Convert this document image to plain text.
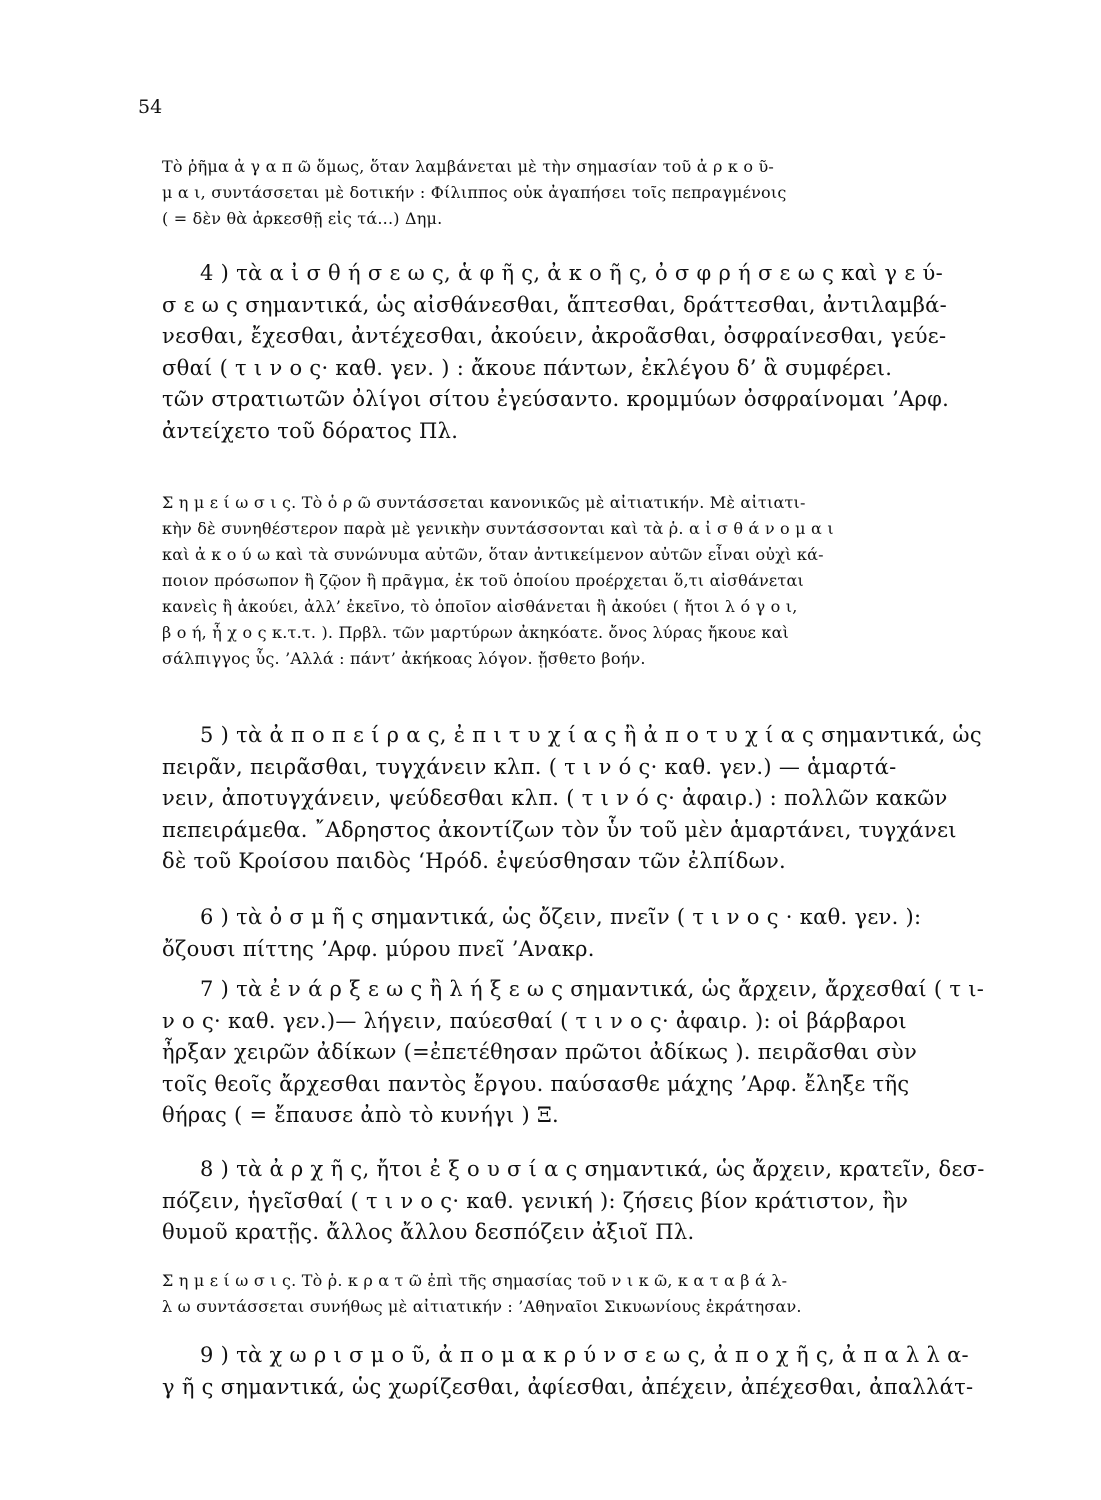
54
Τὸ ῥῆμα ἀ γ α π ῶ ὅμως, ὅταν λαμβάνεται μὲ τὴν σημασίαν τοῦ ἀ ρ κ ο ῦ-
μ α ι, συντάσσεται μὲ δοτικήν : Φίλιππος οὐκ ἀγαπήσει τοῖς πεπραγμένοις
( = δὲν θὰ ἀρκεσθῇ εἰς τά...) Δημ.
4 ) τὰ α ἰ σ θ ή σ ε ω ς, ἁ φ ῆ ς, ἀ κ ο ῆ ς, ὀ σ φ ρ ή σ ε ω ς καὶ γ ε ύ-
σ ε ω ς σημαντικά, ὡς αἰσθάνεσθαι, ἅπτεσθαι, δράττεσθαι, ἀντιλαμβά-
νεσθαι, ἔχεσθαι, ἀντέχεσθαι, ἀκούειν, ἀκροᾶσθαι, ὀσφραίνεσθαι, γεύε-
σθαί ( τ ι ν ο ς· καθ. γεν. ) : ἄκουε πάντων, ἐκλέγου δ’ ἃ συμφέρει.
τῶν στρατιωτῶν ὀλίγοι σίτου ἐγεύσαντο. κρομμύων ὀσφραίνομαι ’Αρφ.
ἀντείχετο τοῦ δόρατος Πλ.
Σ η μ ε ί ω σ ι ς. Τὸ ὁ ρ ῶ συντάσσεται κανονικῶς μὲ αἰτιατικήν. Μὲ αἰτιατι-
κὴν δὲ συνηθέστερον παρὰ μὲ γενικὴν συντάσσονται καὶ τὰ ῥ. α ἰ σ θ ά ν ο μ α ι
καὶ ἀ κ ο ύ ω καὶ τὰ συνώνυμα αὐτῶν, ὅταν ἀντικείμενον αὐτῶν εἶναι οὐχὶ κά-
ποιον πρόσωπον ἢ ζῷον ἢ πρᾶγμα, ἐκ τοῦ ὁποίου προέρχεται ὅ,τι αἰσθάνεται
κανεὶς ἢ ἀκούει, ἀλλ’ ἐκεῖνο, τὸ ὁποῖον αἰσθάνεται ἢ ἀκούει ( ἤτοι λ ό γ ο ι,
β ο ή, ἦ χ ο ς κ.τ.τ. ). Πρβλ. τῶν μαρτύρων ἀκηκόατε. ὄνος λύρας ἤκουε καὶ
σάλπιγγος ὗς. ’Αλλά : πάντ’ ἀκήκοας λόγον. ᾔσθετο βοήν.
5 ) τὰ ἀ π ο π ε ί ρ α ς, ἐ π ι τ υ χ ί α ς ἢ ἀ π ο τ υ χ ί α ς σημαντικά, ὡς
πειρᾶν, πειρᾶσθαι, τυγχάνειν κλπ. ( τ ι ν ό ς· καθ. γεν.) — ἁμαρτά-
νειν, ἀποτυγχάνειν, ψεύδεσθαι κλπ. ( τ ι ν ό ς· ἀφαιρ.) : πολλῶν κακῶν
πεπειράμεθα. ῎Αδρηστος ἀκοντίζων τὸν ὗν τοῦ μὲν ἁμαρτάνει, τυγχάνει
δὲ τοῦ Κροίσου παιδὸς ‘Ηρόδ. ἐψεύσθησαν τῶν ἐλπίδων.
6 ) τὰ ὀ σ μ ῆ ς σημαντικά, ὡς ὄζειν, πνεῖν ( τ ι ν ο ς · καθ. γεν. ):
ὄζουσι πίττης ’Αρφ. μύρου πνεῖ ’Ανακρ.
7 ) τὰ ἐ ν ά ρ ξ ε ω ς ἢ λ ή ξ ε ω ς σημαντικά, ὡς ἄρχειν, ἄρχεσθαί ( τ ι-
ν ο ς· καθ. γεν.)— λήγειν, παύεσθαί ( τ ι ν ο ς· ἀφαιρ. ): οἱ βάρβαροι
ἦρξαν χειρῶν ἀδίκων (=ἐπετέθησαν πρῶτοι ἀδίκως ). πειρᾶσθαι σὺν
τοῖς θεοῖς ἄρχεσθαι παντὸς ἔργου. παύσασθε μάχης ’Αρφ. ἔληξε τῆς
θήρας ( = ἔπαυσε ἀπὸ τὸ κυνήγι ) Ξ.
8 ) τὰ ἀ ρ χ ῆ ς, ἤτοι ἐ ξ ο υ σ ί α ς σημαντικά, ὡς ἄρχειν, κρατεῖν, δεσ-
πόζειν, ἡγεῖσθαί ( τ ι ν ο ς· καθ. γενική ): ζήσεις βίον κράτιστον, ἢν
θυμοῦ κρατῇς. ἄλλος ἄλλου δεσπόζειν ἀξιοῖ Πλ.
Σ η μ ε ί ω σ ι ς. Τὸ ῥ. κ ρ α τ ῶ ἐπὶ τῆς σημασίας τοῦ ν ι κ ῶ, κ α τ α β ά λ-
λ ω συντάσσεται συνήθως μὲ αἰτιατικήν : ’Αθηναῖοι Σικυωνίους ἐκράτησαν.
9 ) τὰ χ ω ρ ι σ μ ο ῦ, ἀ π ο μ α κ ρ ύ ν σ ε ω ς, ἀ π ο χ ῆ ς, ἀ π α λ λ α-
γ ῆ ς σημαντικά, ὡς χωρίζεσθαι, ἀφίεσθαι, ἀπέχειν, ἀπέχεσθαι, ἀπαλλάτ-
